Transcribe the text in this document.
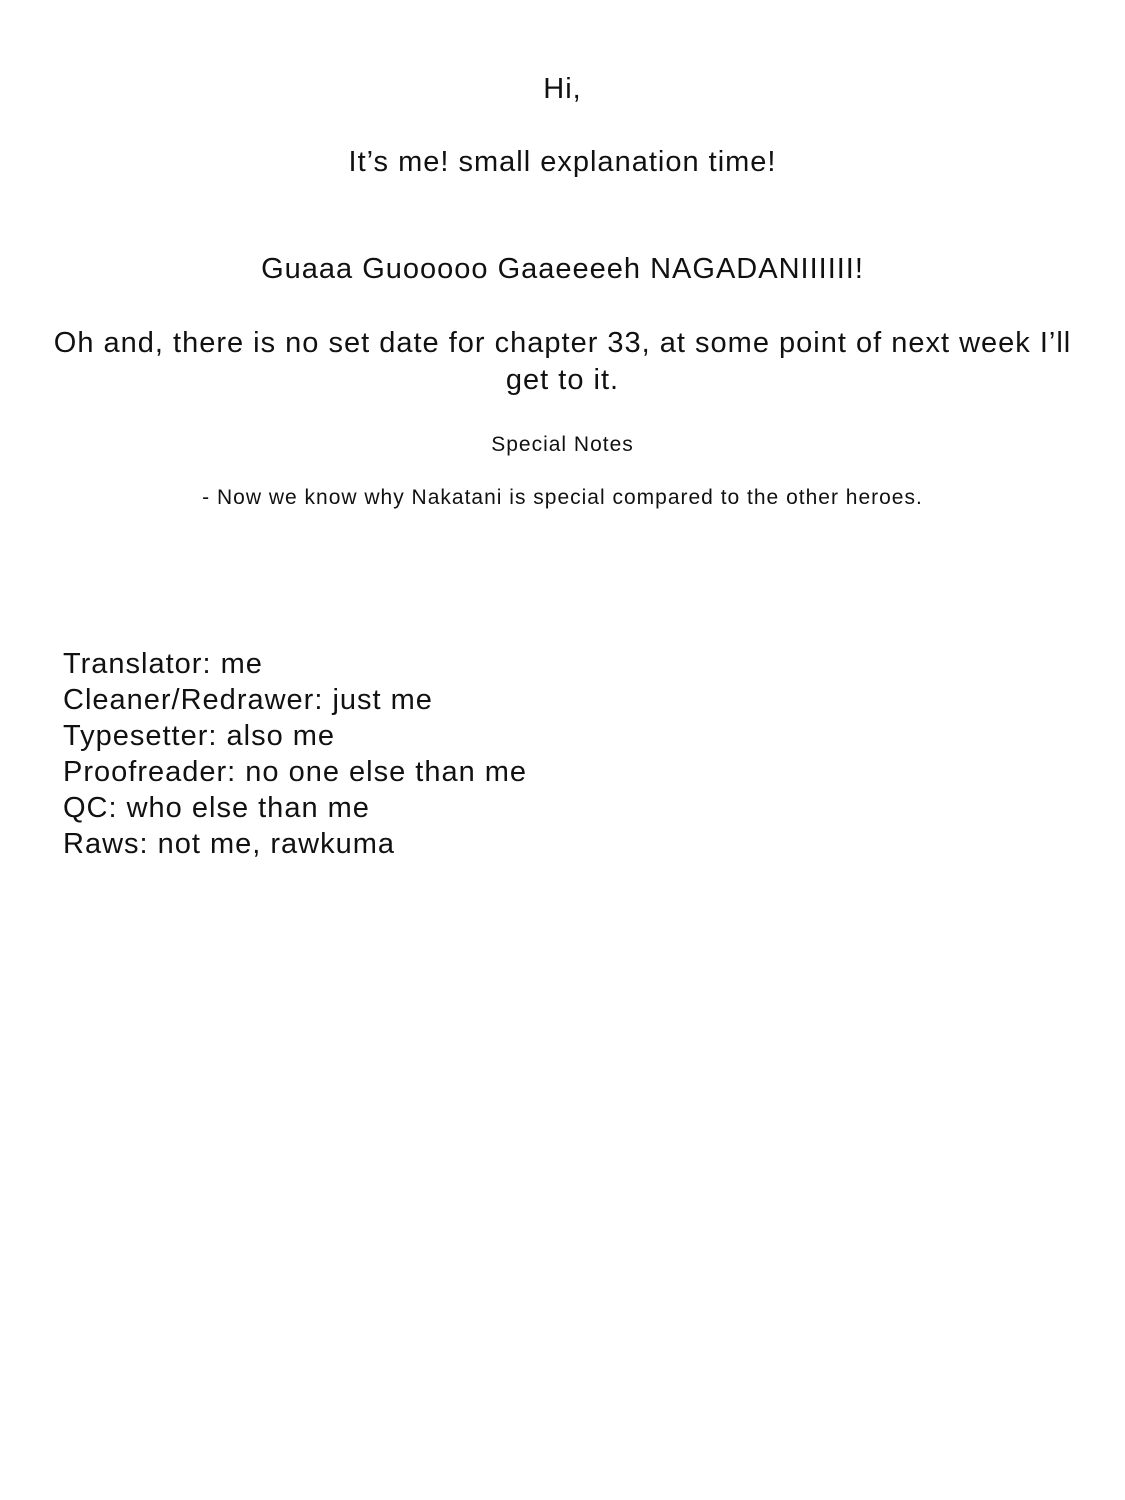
Hi,
It’s me! small explanation time!
Guaaa Guooooo Gaaeeeeh NAGADANIIIIII!
Oh and, there is no set date for chapter 33, at some point of next week I’ll get to it.
Special Notes
- Now we know why Nakatani is special compared to the other heroes.
Translator: me
Cleaner/Redrawer: just me
Typesetter: also me
Proofreader: no one else than me
QC: who else than me
Raws: not me, rawkuma
